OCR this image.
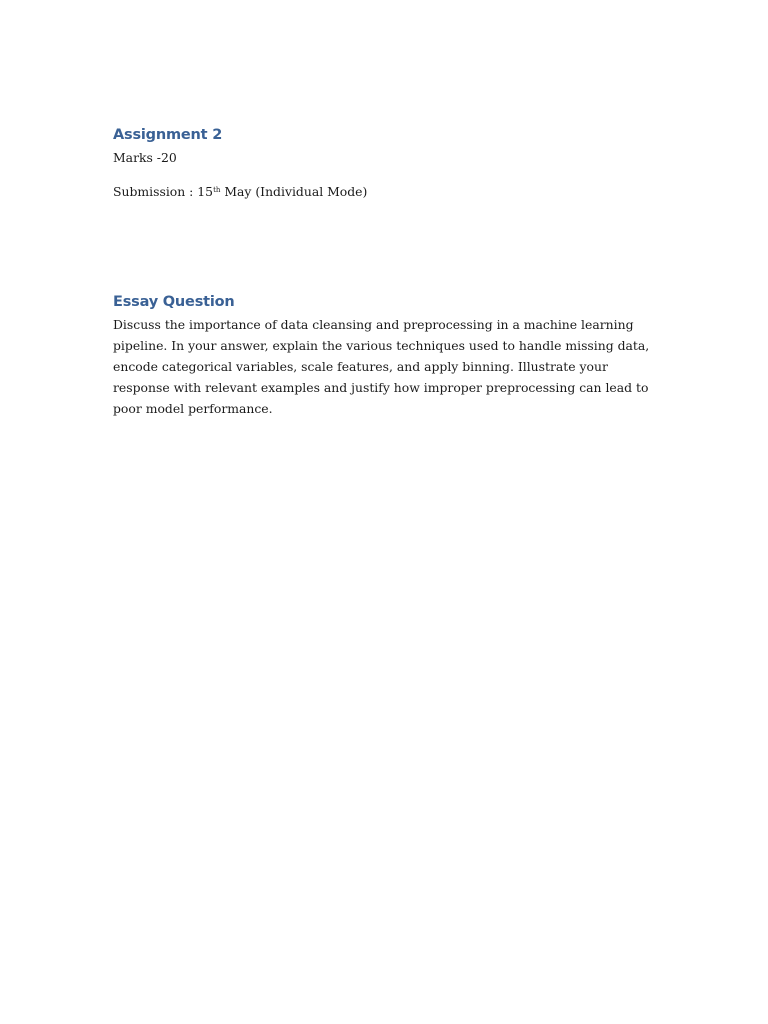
Assignment 2

Marks -20

Submission : 15th May (Individual Mode)

Essay Question

Discuss the importance of data cleansing and preprocessing in a machine learning pipeline. In your answer, explain the various techniques used to handle missing data, encode categorical variables, scale features, and apply binning. Illustrate your response with relevant examples and justify how improper preprocessing can lead to poor model performance.
